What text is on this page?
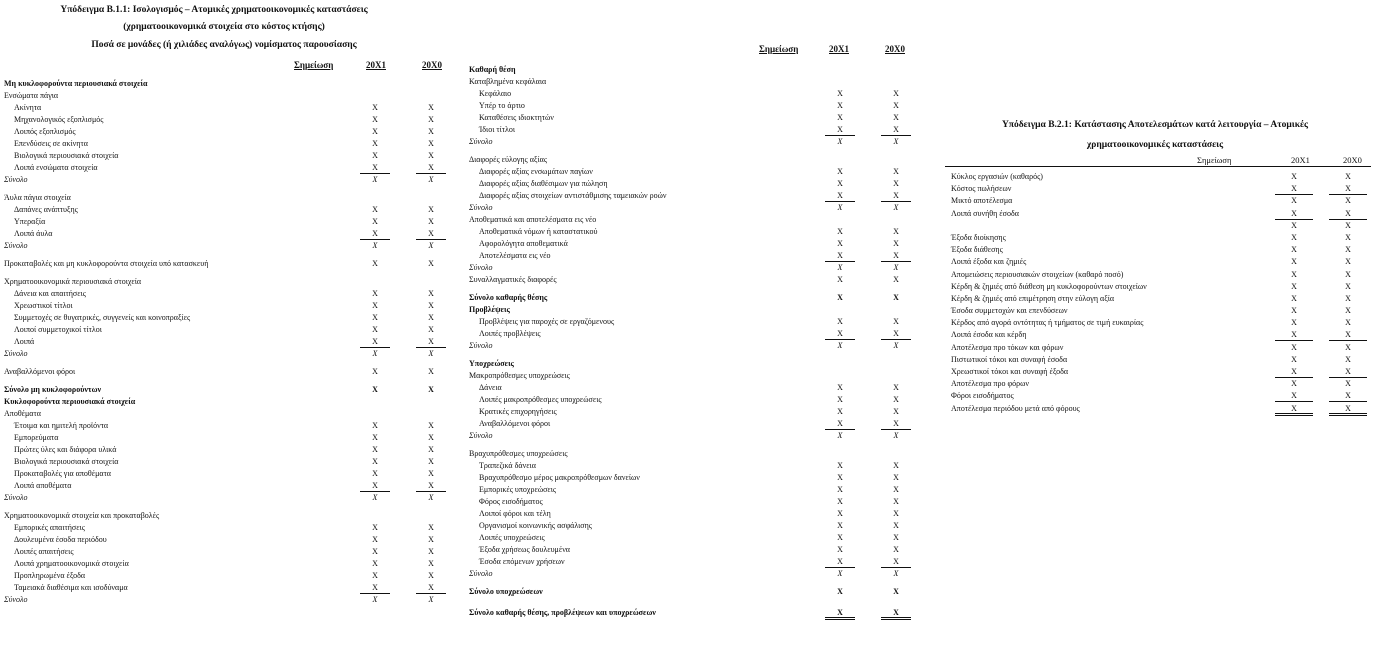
Υπόδειγμα Β.1.1: Ισολογισμός – Ατομικές χρηματοοικονομικές καταστάσεις
(χρηματοοικονομικά στοιχεία στο κόστος κτήσης)
Ποσά σε μονάδες (ή χιλιάδες αναλόγως) νομίσματος παρουσίασης
Σημείωση	20X1	20X0
Μη κυκλοφορούντα περιουσιακά στοιχεία
Ενσώματα πάγια
Ακίνητα	X	X
Μηχανολογικός εξοπλισμός	X	X
Λοιπός εξοπλισμός	X	X
Επενδύσεις σε ακίνητα	X	X
Βιολογικά περιουσιακά στοιχεία	X	X
Λοιπά ενσώματα στοιχεία	X	X
Σύνολο	X	X
Άυλα πάγια στοιχεία
Δαπάνες ανάπτυξης	X	X
Υπεραξία	X	X
Λοιπά άυλα	X	X
Σύνολο	X	X
Προκαταβολές και μη κυκλοφορούντα στοιχεία υπό κατασκευή	X	X
Χρηματοοικονομικά περιουσιακά στοιχεία
Δάνεια και απαιτήσεις	X	X
Χρεωστικοί τίτλοι	X	X
Συμμετοχές σε θυγατρικές, συγγενείς και κοινοπραξίες	X	X
Λοιποί συμμετοχικοί τίτλοι	X	X
Λοιπά	X	X
Σύνολο	X	X
Αναβαλλόμενοι φόροι	X	X
Σύνολο μη κυκλοφορούντων	X	X
Κυκλοφορούντα περιουσιακά στοιχεία
Αποθέματα
Έτοιμα και ημιτελή προϊόντα	X	X
Εμπορεύματα	X	X
Πρώτες ύλες και διάφορα υλικά	X	X
Βιολογικά περιουσιακά στοιχεία	X	X
Προκαταβολές για αποθέματα	X	X
Λοιπά αποθέματα	X	X
Σύνολο	X	X
Χρηματοοικονομικά στοιχεία και προκαταβολές
Εμπορικές απαιτήσεις	X	X
Δουλευμένα έσοδα περιόδου	X	X
Λοιπές απαιτήσεις	X	X
Λοιπά χρηματοοικονομικά στοιχεία	X	X
Προπληρωμένα έξοδα	X	X
Ταμειακά διαθέσιμα και ισοδύναμα	X	X
Σύνολο	X	X
Σημείωση	20X1	20X0
Καθαρή θέση
Καταβλημένα κεφάλαια
Κεφάλαιο	X	X
Υπέρ το άρτιο	X	X
Καταθέσεις ιδιοκτητών	X	X
Ίδιοι τίτλοι	X	X
Σύνολο	X	X
Διαφορές εύλογης αξίας
Διαφορές αξίας ενσωμάτων παγίων	X	X
Διαφορές αξίας διαθέσιμων για πώληση	X	X
Διαφορές αξίας στοιχείων αντιστάθμισης ταμειακών ροών	X	X
Σύνολο	X	X
Αποθεματικά και αποτελέσματα εις νέο
Αποθεματικά νόμων ή καταστατικού	X	X
Αφορολόγητα αποθεματικά	X	X
Αποτελέσματα εις νέο	X	X
Σύνολο	X	X
Συναλλαγματικές διαφορές	X	X
Σύνολο καθαρής θέσης	X	X
Προβλέψεις
Προβλέψεις για παροχές σε εργαζόμενους	X	X
Λοιπές προβλέψεις	X	X
Σύνολο	X	X
Υποχρεώσεις
Μακροπρόθεσμες υποχρεώσεις
Δάνεια	X	X
Λοιπές μακροπρόθεσμες υποχρεώσεις	X	X
Κρατικές επιχορηγήσεις	X	X
Αναβαλλόμενοι φόροι	X	X
Σύνολο	X	X
Βραχυπρόθεσμες υποχρεώσεις
Τραπεζικά δάνεια	X	X
Βραχυπρόθεσμο μέρος μακροπρόθεσμων δανείων	X	X
Εμπορικές υποχρεώσεις	X	X
Φόρος εισοδήματος	X	X
Λοιποί φόροι και τέλη	X	X
Οργανισμοί κοινωνικής ασφάλισης	X	X
Λοιπές υποχρεώσεις	X	X
Έξοδα χρήσεως δουλευμένα	X	X
Έσοδα επόμενων χρήσεων	X	X
Σύνολο	X	X
Σύνολο υποχρεώσεων	X	X
Σύνολο καθαρής θέσης, προβλέψεων και υποχρεώσεων	X	X
Υπόδειγμα Β.2.1: Κατάστασης Αποτελεσμάτων κατά λειτουργία – Ατομικές
χρηματοοικονομικές καταστάσεις
Σημείωση	20X1	20X0
Κύκλος εργασιών (καθαρός)	X	X
Κόστος πωλήσεων	X	X
Μικτό αποτέλεσμα	X	X
Λοιπά συνήθη έσοδα	X	X
X	X
Έξοδα διοίκησης	X	X
Έξοδα διάθεσης	X	X
Λοιπά έξοδα και ζημιές	X	X
Απομειώσεις περιουσιακών στοιχείων (καθαρό ποσό)	X	X
Κέρδη & ζημιές από διάθεση μη κυκλοφορούντων στοιχείων	X	X
Κέρδη & ζημιές από επιμέτρηση στην εύλογη αξία	X	X
Έσοδα συμμετοχών και επενδύσεων	X	X
Κέρδος από αγορά οντότητας ή τμήματος σε τιμή ευκαιρίας	X	X
Λοιπά έσοδα και κέρδη	X	X
Αποτέλεσμα προ τόκων και φόρων	X	X
Πιστωτικοί τόκοι και συναφή έσοδα	X	X
Χρεωστικοί τόκοι και συναφή έξοδα	X	X
Αποτέλεσμα προ φόρων	X	X
Φόροι εισοδήματος	X	X
Αποτέλεσμα περιόδου μετά από φόρους	X	X
